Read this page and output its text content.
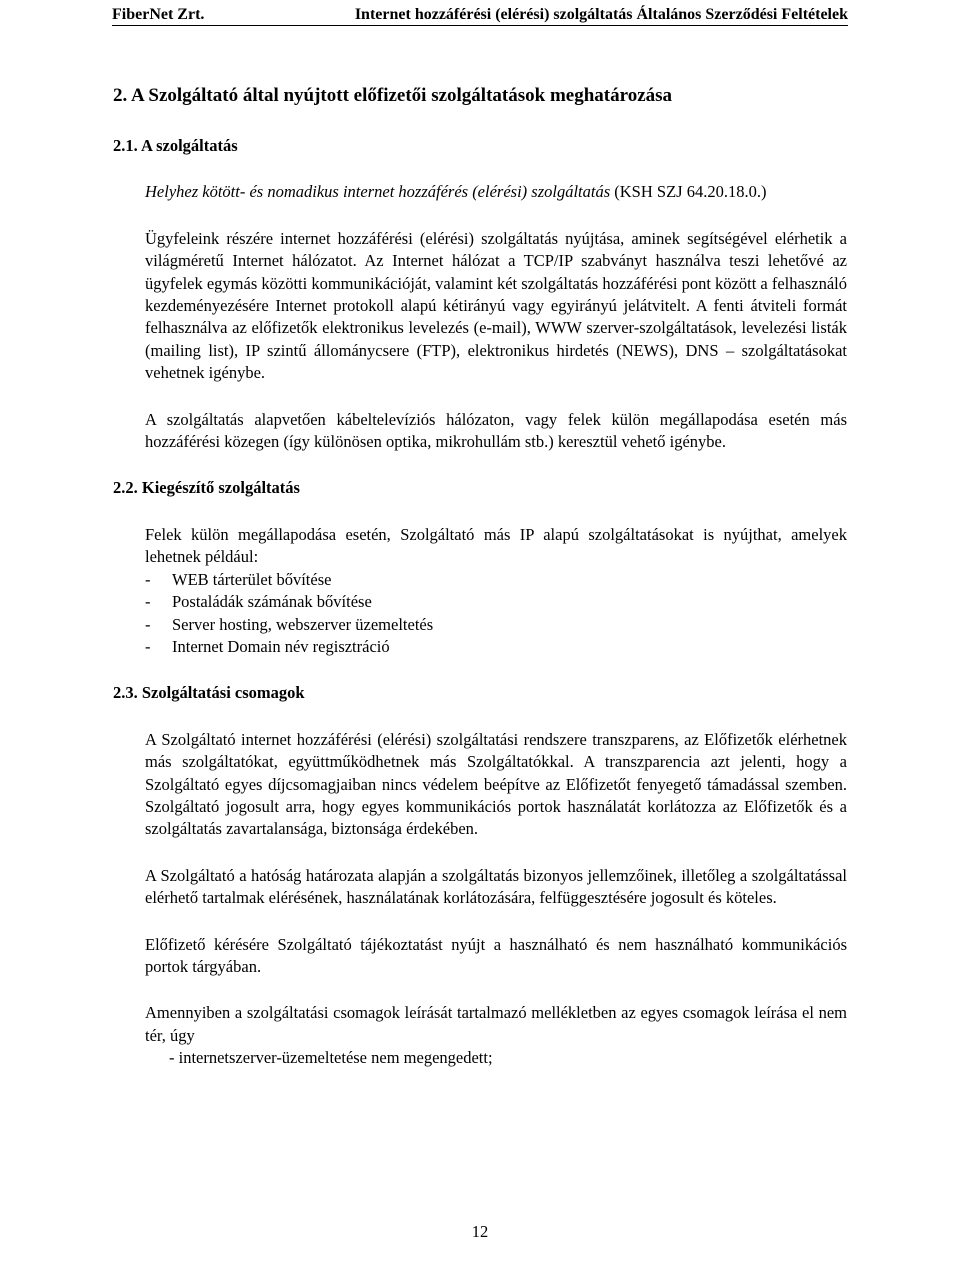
FiberNet Zrt.	Internet hozzáférési (elérési) szolgáltatás Általános Szerződési Feltételek
2. A Szolgáltató által nyújtott előfizetői szolgáltatások meghatározása

2.1. A szolgáltatás

Helyhez kötött- és nomadikus internet hozzáférés (elérési) szolgáltatás (KSH SZJ 64.20.18.0.)

Ügyfeleink részére internet hozzáférési (elérési) szolgáltatás nyújtása, aminek segítségével elérhetik a világméretű Internet hálózatot. Az Internet hálózat a TCP/IP szabványt használva teszi lehetővé az ügyfelek egymás közötti kommunikációját, valamint két szolgáltatás hozzáférési pont között a felhasználó kezdeményezésére Internet protokoll alapú kétirányú vagy egyirányú jelátvitelt. A fenti átviteli formát felhasználva az előfizetők elektronikus levelezés (e-mail), WWW szerver-szolgáltatások, levelezési listák (mailing list), IP szintű állománycsere (FTP), elektronikus hirdetés (NEWS), DNS – szolgáltatásokat vehetnek igénybe.

A szolgáltatás alapvetően kábeltelevíziós hálózaton, vagy felek külön megállapodása esetén más hozzáférési közegen (így különösen optika, mikrohullám stb.) keresztül vehető igénybe.

2.2. Kiegészítő szolgáltatás

Felek külön megállapodása esetén, Szolgáltató más IP alapú szolgáltatásokat is nyújthat, amelyek lehetnek például:

-	WEB tárterület bővítése
-	Postaládák számának bővítése
-	Server hosting, webszerver üzemeltetés
-	Internet Domain név regisztráció

2.3. Szolgáltatási csomagok

A Szolgáltató internet hozzáférési (elérési) szolgáltatási rendszere transzparens, az Előfizetők elérhetnek más szolgáltatókat, együttműködhetnek más Szolgáltatókkal. A transzparencia azt jelenti, hogy a Szolgáltató egyes díjcsomagjaiban nincs védelem beépítve az Előfizetőt fenyegető támadással szemben. Szolgáltató jogosult arra, hogy egyes kommunikációs portok használatát korlátozza az Előfizetők és a szolgáltatás zavartalansága, biztonsága érdekében.

A Szolgáltató a hatóság határozata alapján a szolgáltatás bizonyos jellemzőinek, illetőleg a szolgáltatással elérhető tartalmak elérésének, használatának korlátozására, felfüggesztésére jogosult és köteles.

Előfizető kérésére Szolgáltató tájékoztatást nyújt a használható és nem használható kommunikációs portok tárgyában.

Amennyiben a szolgáltatási csomagok leírását tartalmazó mellékletben az egyes csomagok leírása el nem tér, úgy

- internetszerver-üzemeltetése nem megengedett;

12
